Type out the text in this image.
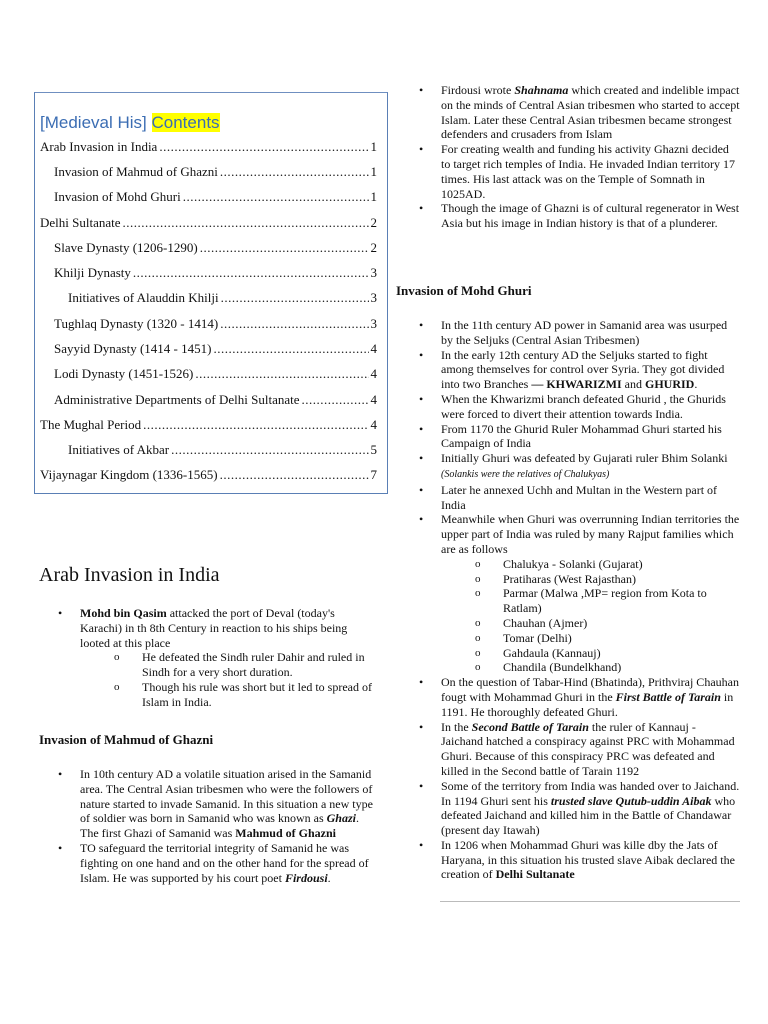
[Medieval His] Contents
Arab Invasion in India .....	1
Invasion of Mahmud of Ghazni .....	1
Invasion of Mohd Ghuri .....	1
Delhi Sultanate .....	2
Slave Dynasty (1206-1290) .....	2
Khilji Dynasty .....	3
Initiatives of Alauddin Khilji .....	3
Tughlaq Dynasty (1320 - 1414) .....	3
Sayyid Dynasty (1414 - 1451) .....	4
Lodi Dynasty (1451-1526) .....	4
Administrative Departments of Delhi Sultanate .....	4
The Mughal Period .....	4
Initiatives of Akbar .....	5
Vijaynagar Kingdom (1336-1565) .....	7
Arab Invasion in India
• Mohd bin Qasim attacked the port of Deval (today's Karachi) in th 8th Century in reaction to his ships being looted at this place
o He defeated the Sindh ruler Dahir and ruled in Sindh for a very short duration.
o Though his rule was short but it led to spread of Islam in India.
Invasion of Mahmud of Ghazni
• In 10th century AD a volatile situation arised in the Samanid area. The Central Asian tribesmen who were the followers of nature started to invade Samanid. In this situation a new type of soldier was born in Samanid who was known as Ghazi. The first Ghazi of Samanid was Mahmud of Ghazni
• TO safeguard the territorial integrity of Samanid he was fighting on one hand and on the other hand for the spread of Islam. He was supported by his court poet Firdousi.
• Firdousi wrote Shahnama which created and indelible impact on the minds of Central Asian tribesmen who started to accept Islam. Later these Central Asian tribesmen became strongest defenders and crusaders from Islam
• For creating wealth and funding his activity Ghazni decided to target rich temples of India. He invaded Indian territory 17 times. His last attack was on the Temple of Somnath in 1025AD.
• Though the image of Ghazni is of cultural regenerator in West Asia but his image in Indian history is that of a plunderer.
Invasion of Mohd Ghuri
• In the 11th century AD power in Samanid area was usurped by the Seljuks (Central Asian Tribesmen)
• In the early 12th century AD the Seljuks started to fight among themselves for control over Syria. They got divided into two Branches — KHWARIZMI and GHURID.
• When the Khwarizmi branch defeated Ghurid , the Ghurids were forced to divert their attention towards India.
• From 1170 the Ghurid Ruler Mohammad Ghuri started his Campaign of India
• Initially Ghuri was defeated by Gujarati ruler Bhim Solanki
(Solankis were the relatives of Chalukyas)
• Later he annexed Uchh and Multan in the Western part of India
• Meanwhile when Ghuri was overrunning Indian territories the upper part of India was ruled by many Rajput families which are as follows
o Chalukya - Solanki (Gujarat)
o Pratiharas (West Rajasthan)
o Parmar (Malwa ,MP= region from Kota to Ratlam)
o Chauhan (Ajmer)
o Tomar (Delhi)
o Gahdaula (Kannauj)
o Chandila (Bundelkhand)
• On the question of Tabar-Hind (Bhatinda), Prithviraj Chauhan fougt with Mohammad Ghuri in the First Battle of Tarain in 1191. He thoroughly defeated Ghuri.
• In the Second Battle of Tarain the ruler of Kannauj - Jaichand hatched a conspiracy against PRC with Mohammad Ghuri. Because of this conspiracy PRC was defeated and killed in the Second battle of Tarain 1192
• Some of the territory from India was handed over to Jaichand. In 1194 Ghuri sent his trusted slave Qutub-uddin Aibak who defeated Jaichand and killed him in the Battle of Chandawar (present day Itawah)
• In 1206 when Mohammad Ghuri was kille dby the Jats of Haryana, in this situation his trusted slave Aibak declared the creation of Delhi Sultanate
